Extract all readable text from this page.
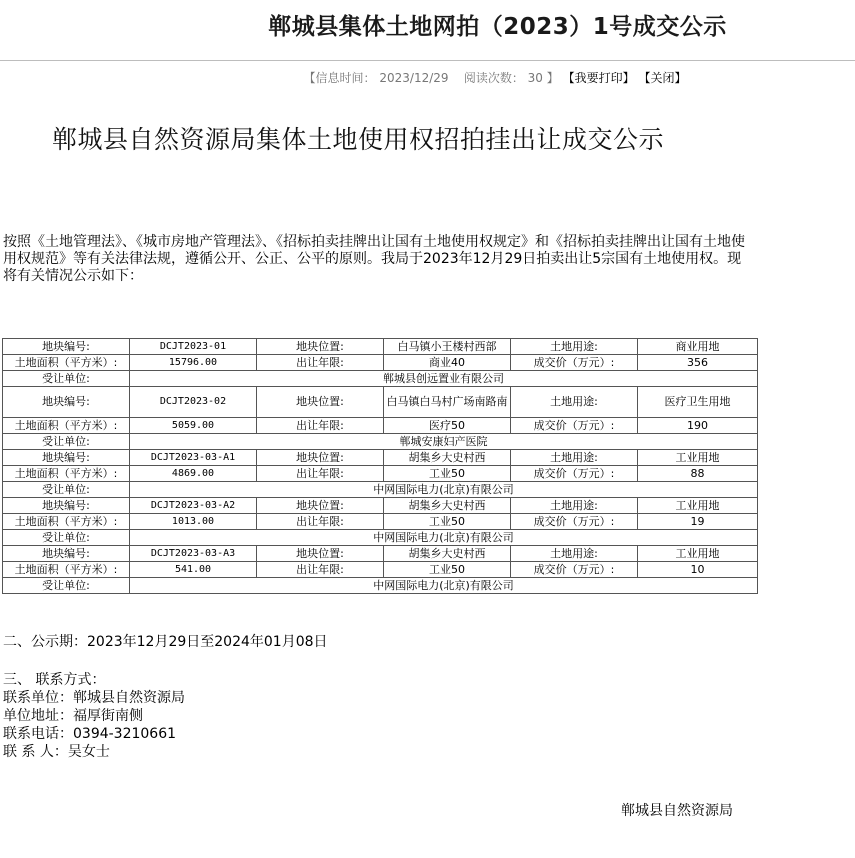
郸城县集体土地网拍（2023）1号成交公示
【信息时间： 2023/12/29 阅读次数： 30 】 【我要打印】 【关闭】
郸城县自然资源局集体土地使用权招拍挂出让成交公示
按照《土地管理法》、《城市房地产管理法》、《招标拍卖挂牌出让国有土地使用权规定》和《招标拍卖挂牌出让国有土地使用权规范》等有关法律法规，遵循公开、公正、公平的原则。我局于2023年12月29日拍卖出让5宗国有土地使用权。现将有关情况公示如下：
地块编号:	DCJT2023-01	地块位置:	白马镇小王楼村西部	土地用途:	商业用地
土地面积（平方米）:	15796.00	出让年限:	商业40	成交价（万元）:	356
受让单位:	郸城县创远置业有限公司				
地块编号:	DCJT2023-02	地块位置:	白马镇白马村广场南路南	土地用途:	医疗卫生用地
土地面积（平方米）:	5059.00	出让年限:	医疗50	成交价（万元）:	190
受让单位:	郸城安康妇产医院				
地块编号:	DCJT2023-03-A1	地块位置:	胡集乡大史村西	土地用途:	工业用地
土地面积（平方米）:	4869.00	出让年限:	工业50	成交价（万元）:	88
受让单位:	中网国际电力(北京)有限公司				
地块编号:	DCJT2023-03-A2	地块位置:	胡集乡大史村西	土地用途:	工业用地
土地面积（平方米）:	1013.00	出让年限:	工业50	成交价（万元）:	19
受让单位:	中网国际电力(北京)有限公司				
地块编号:	DCJT2023-03-A3	地块位置:	胡集乡大史村西	土地用途:	工业用地
土地面积（平方米）:	541.00	出让年限:	工业50	成交价（万元）:	10
受让单位:	中网国际电力(北京)有限公司				
二、公示期：2023年12月29日至2024年01月08日
三、 联系方式：
联系单位：郸城县自然资源局
单位地址：福厚街南侧
联系电话：0394-3210661
联 系 人：吴女士
郸城县自然资源局
